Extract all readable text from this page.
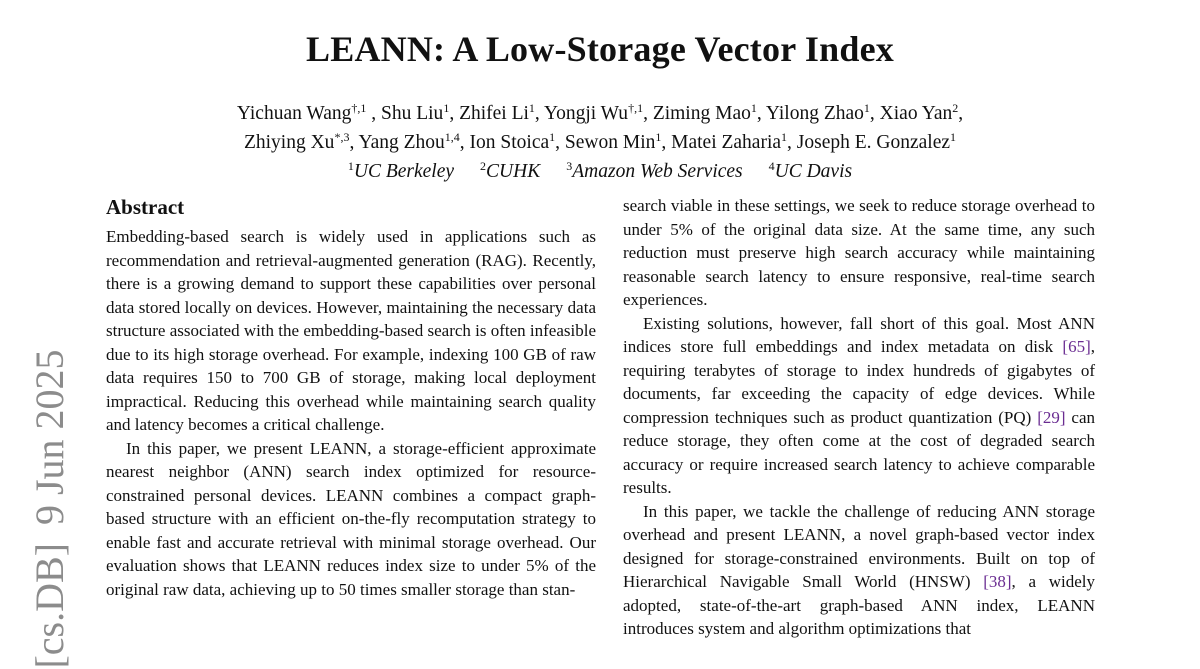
LEANN: A Low-Storage Vector Index
Yichuan Wang$^{\dagger,1}$ , Shu Liu$^1$, Zhifei Li$^1$, Yongji $Wu^{\dagger,1}$, Ziming Mao$^1$, Yilong Zhao$^1$, Xiao Yan$^2$,
Zhiying $Xu^{*,3}$, Yang Zhou$^{1,4}$, Ion Stoica$^1$, Sewon Min$^1$, Matei Zaharia$^1$, Joseph E. Gonzalez$^1$
$^1$UC Berkeley $^2$CUHK $^3$Amazon Web Services $^4$UC Davis
Abstract

Embedding-based search is widely used in applications such as recommendation and retrieval-augmented generation (RAG). Recently, there is a growing demand to support these capabilities over personal data stored locally on devices. However, maintaining the necessary data structure associated with the embedding-based search is often infeasible due to its high storage overhead. For example, indexing 100 GB of raw data requires 150 to 700 GB of storage, making local deployment impractical. Reducing this overhead while maintaining search quality and latency becomes a critical challenge.

In this paper, we present LEANN, a storage-efficient approximate nearest neighbor (ANN) search index optimized for resource-constrained personal devices. LEANN combines a compact graph-based structure with an efficient on-the-fly recomputation strategy to enable fast and accurate retrieval with minimal storage overhead. Our evaluation shows that LEANN reduces index size to under 5% of the original raw data, achieving up to 50 times smaller storage than stan-

search viable in these settings, we seek to reduce storage overhead to under 5% of the original data size. At the same time, any such reduction must preserve high search accuracy while maintaining reasonable search latency to ensure responsive, real-time search experiences.

Existing solutions, however, fall short of this goal. Most ANN indices store full embeddings and index metadata on disk [65], requiring terabytes of storage to index hundreds of gigabytes of documents, far exceeding the capacity of edge devices. While compression techniques such as product quantization (PQ) [29] can reduce storage, they often come at the cost of degraded search accuracy or require increased search latency to achieve comparable results.

In this paper, we tackle the challenge of reducing ANN storage overhead and present LEANN, a novel graph-based vector index designed for storage-constrained environments. Built on top of Hierarchical Navigable Small World (HNSW) [38], a widely adopted, state-of-the-art graph-based ANN index, LEANN introduces system and algorithm optimizations that

[cs.DB]9 Jun 2025
